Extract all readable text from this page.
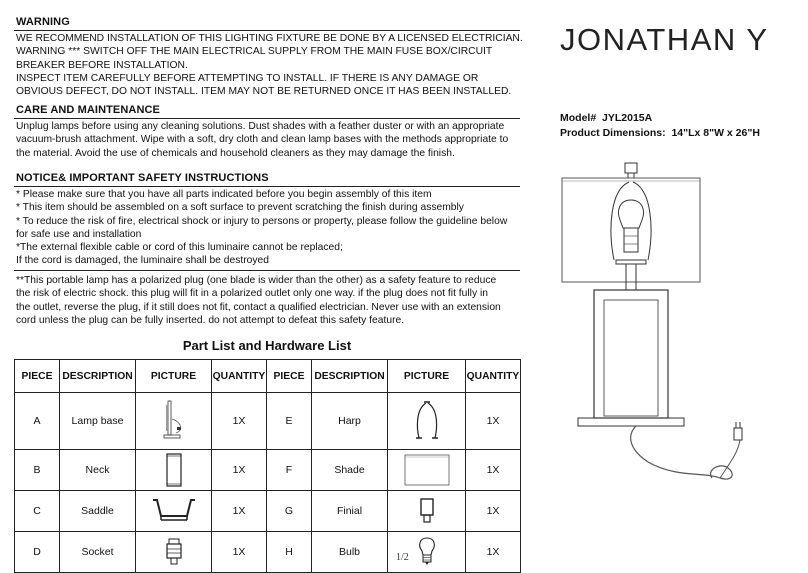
WARNING
WE RECOMMEND INSTALLATION OF THIS LIGHTING FIXTURE BE DONE BY A LICENSED ELECTRICIAN.
WARNING *** SWITCH OFF THE MAIN ELECTRICAL SUPPLY FROM THE MAIN FUSE BOX/CIRCUIT
BREAKER BEFORE INSTALLATION.
INSPECT ITEM CAREFULLY BEFORE ATTEMPTING TO INSTALL. IF THERE IS ANY DAMAGE OR
OBVIOUS DEFECT, DO NOT INSTALL. ITEM MAY NOT BE RETURNED ONCE IT HAS BEEN INSTALLED.
CARE AND MAINTENANCE
Unplug lamps before using any cleaning solutions. Dust shades with a feather duster or with an appropriate
vacuum-brush attachment. Wipe with a soft, dry cloth and clean lamp bases with the methods appropriate to
the material. Avoid the use of chemicals and household cleaners as they may damage the finish.
NOTICE& IMPORTANT SAFETY INSTRUCTIONS
* Please make sure that you have all parts indicated before you begin assembly of this item
* This item should be assembled on a soft surface to prevent scratching the finish during assembly
* To reduce the risk of fire, electrical shock or injury to persons or property, please follow the guideline below
for safe use and installation
*The external flexible cable or cord of this luminaire cannot be replaced;
If the cord is damaged, the luminaire shall be destroyed
**This portable lamp has a polarized plug (one blade is wider than the other) as a safety feature to reduce
the risk of electric shock. this plug will fit in a polarized outlet only one way. if the plug does not fit fully in
the outlet, reverse the plug, if it still does not fit, contact a qualified electrician. Never use with an extension
cord unless the plug can be fully inserted. do not attempt to defeat this safety feature.
Part List and Hardware List
PIECE	DESCRIPTION	PICTURE	QUANTITY	PIECE	DESCRIPTION	PICTURE	QUANTITY
A	Lamp base		1X	E	Harp		1X
B	Neck		1X	F	Shade		1X
C	Saddle		1X	G	Finial		1X
D	Socket		1X	H	Bulb		1X
JONATHAN Y
Model# JYL2015A
Product Dimensions: 14"Lx 8"W x 26"H
1/2
